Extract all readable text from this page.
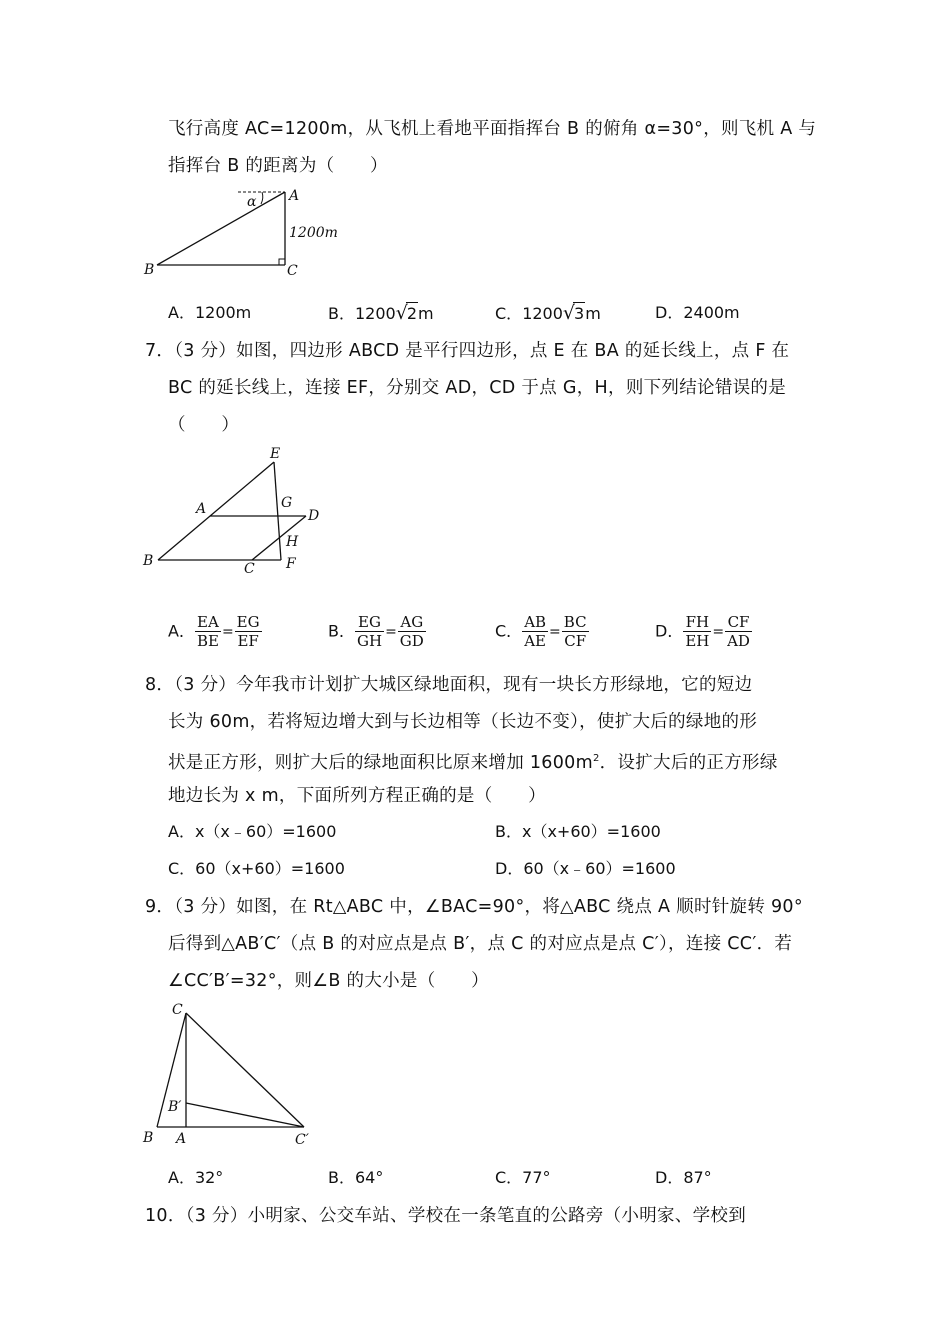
飞行高度 AC=1200m，从飞机上看地平面指挥台 B 的俯角 α=30°，则飞机 A 与
指挥台 B 的距离为（　　）
A
B	C
α
1200m
A．1200m	B．1200√2m	C．1200√3m	D．2400m
7．（3 分）如图，四边形 ABCD 是平行四边形，点 E 在 BA 的延长线上，点 F 在
BC 的延长线上，连接 EF，分别交 AD，CD 于点 G，H，则下列结论错误的是
（　　）
E
A	G
D
H
B	C F
A． $\frac{EA}{BE} = \frac{EG}{EF}$	B． $\frac{EG}{GH} = \frac{AG}{GD}$	C． $\frac{AB}{AE} = \frac{BC}{CF}$	D． $\frac{FH}{EH} = \frac{CF}{AD}$
8．（3 分）今年我市计划扩大城区绿地面积，现有一块长方形绿地，它的短边
长为 60m，若将短边增大到与长边相等（长边不变），使扩大后的绿地的形
状是正方形，则扩大后的绿地面积比原来增加 $1600m^2$．设扩大后的正方形绿
地边长为 x m，下面所列方程正确的是（　　）
A．x（x﹣60）=1600	B．x（x+60）=1600
C．60（x+60）=1600	D．60（x﹣60）=1600
9．（3 分）如图，在 Rt△ABC 中，∠BAC=90°，将△ABC 绕点 A 顺时针旋转 90°
后得到△AB′C′（点 B 的对应点是点 B′，点 C 的对应点是点 C′），连接 CC′．若
∠CC′B′=32°，则∠B 的大小是（　　）
C
B′
B A	C′
A．32°	B．64°	C．77°	D．87°
10．（3 分）小明家、公交车站、学校在一条笔直的公路旁（小明家、学校到
